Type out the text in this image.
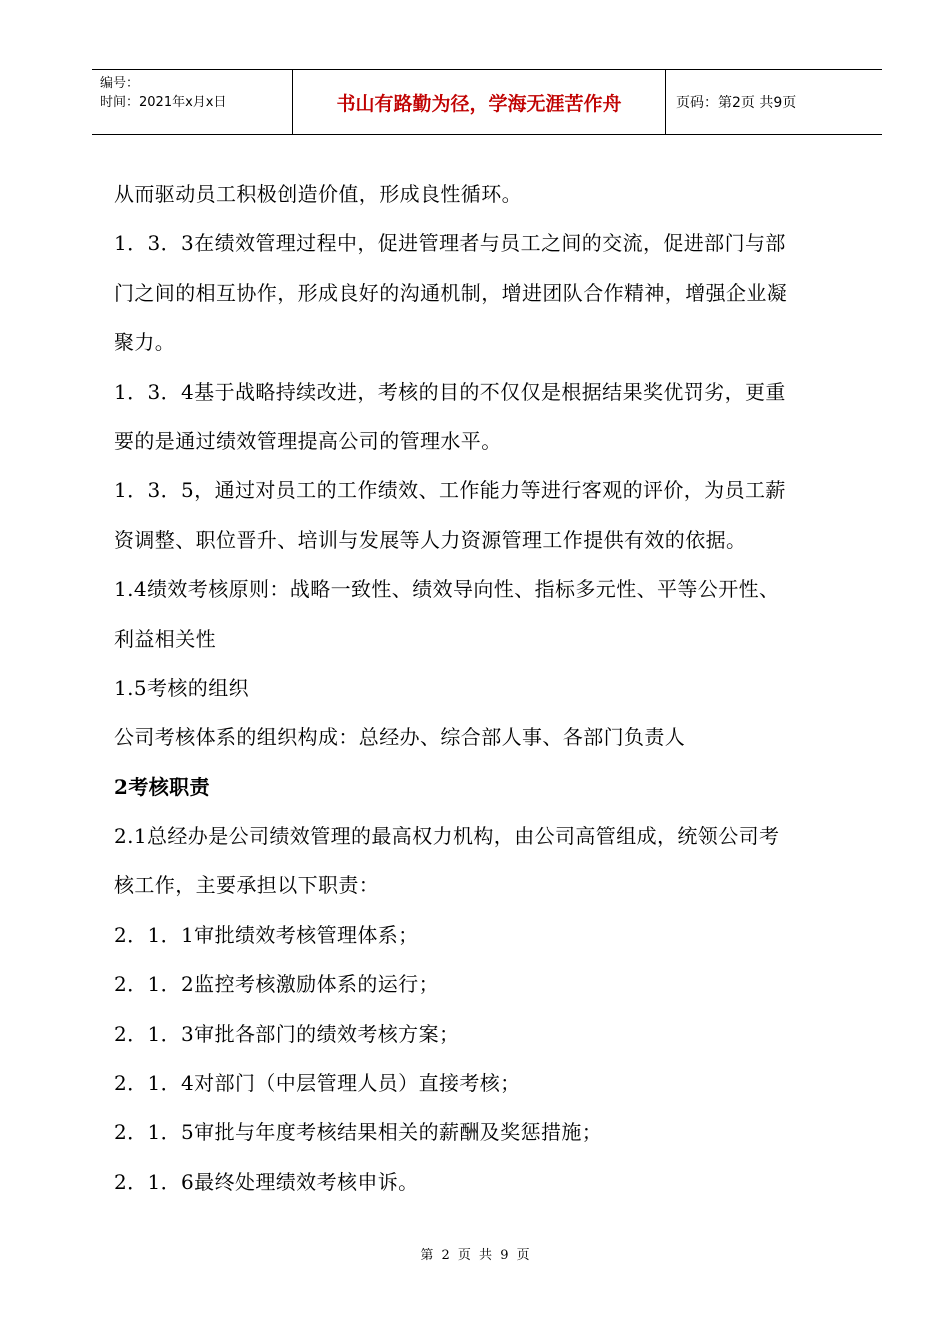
编号：
时间：2021年x月x日	书山有路勤为径，学海无涯苦作舟	页码：第2页 共9页
从而驱动员工积极创造价值，形成良性循环。
1．3．3在绩效管理过程中，促进管理者与员工之间的交流，促进部门与部
门之间的相互协作，形成良好的沟通机制，增进团队合作精神，增强企业凝
聚力。
1．3．4基于战略持续改进，考核的目的不仅仅是根据结果奖优罚劣，更重
要的是通过绩效管理提高公司的管理水平。
1．3．5，通过对员工的工作绩效、工作能力等进行客观的评价，为员工薪
资调整、职位晋升、培训与发展等人力资源管理工作提供有效的依据。
1.4绩效考核原则：战略一致性、绩效导向性、指标多元性、平等公开性、
利益相关性
1.5考核的组织
公司考核体系的组织构成：总经办、综合部人事、各部门负责人
2考核职责
2.1总经办是公司绩效管理的最高权力机构，由公司高管组成，统领公司考
核工作，主要承担以下职责：
2．1．1审批绩效考核管理体系；
2．1．2监控考核激励体系的运行；
2．1．3审批各部门的绩效考核方案；
2．1．4对部门（中层管理人员）直接考核；
2．1．5审批与年度考核结果相关的薪酬及奖惩措施；
2．1．6最终处理绩效考核申诉。
第 2 页 共 9 页
